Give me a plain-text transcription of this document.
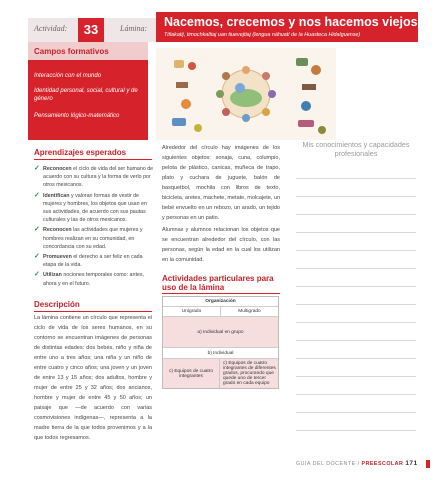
Actividad:	33	Lámina: Nacemos, crecemos y nos hacemos viejos
Titlakatij, timochkaltiaj uan tiuevejtiaj (lengua náhuatl de la Huasteca Hidalguense)
Campos formativos
Interacción con el mundo
Identidad personal, social, cultural y de género
Pensamiento lógico-matemático
Aprendizajes esperados
✓ Reconocen el ciclo de vida del ser humano de acuerdo con su cultura y la forma de verlo por otros mexicanos.
✓ Identifican y valoran formas de vestir de mujeres y hombres, los objetos que usan en sus actividades, de acuerdo con sus pautas culturales y las de otros mexicanos.
✓ Reconocen las actividades que mujeres y hombres realizan en su comunidad, en concordancia con su edad.
✓ Promueven el derecho a ser feliz en cada etapa de la vida.
✓ Utilizan nociones temporales como: antes, ahora y en el futuro.
Descripción

La lámina contiene un círculo que representa el ciclo de vida de los seres humanos, en su contorno se encuentran imágenes de personas de distintas edades: dos bebés, niño y niña de entre uno a tres años; una niña y un niño de entre cuatro y cinco años; una joven y un joven de entre 13 y 15 años; dos adultos, hombre y mujer de entre 25 y 32 años; dos ancianos, hombre y mujer de entre 45 y 50 años; un paisaje que —de acuerdo con varias cosmovisiones indígenas—, representa a la madre tierra de la que todos provenimos y a la que todos regresamos.

Alrededor del círculo hay imágenes de los siguientes objetos: sonaja, cuna, columpio, pelota de plástico, canicas, muñeca de trapo, plato y cuchara de juguete, balón de basquetbol, mochila con libros de texto, bicicleta, aretes, machete, metate, molcajete, un bebé envuelto en un rebozo, un arado, un tejido y personas en un patio.

Alumnas y alumnos relacionan los objetos que se encuentran alrededor del círculo, con las personas, según la edad en la cual los utilizan en la comunidad.

Actividades particulares para uso de la lámina
Organización
Unigrado	Multigrado
a) Individual en grupo
b) Individual
c) Equipos de cuatro integrantes
c) Equipos de cuatro integrantes de diferentes grados, procurando que quede uno de tercer grado en cada equipo
Mis conocimientos y capacidades profesionales
GUÍA DEL DOCENTE / PREESCOLAR 171
